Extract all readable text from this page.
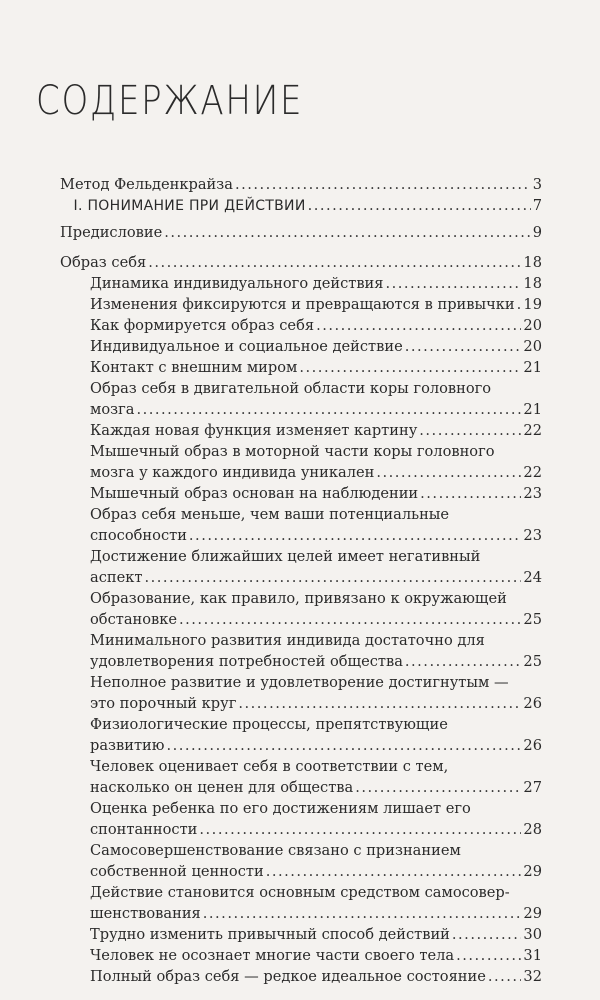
СОДЕРЖАНИЕ
Метод Фельденкрайза .....	3
I. ПОНИМАНИЕ ПРИ ДЕЙСТВИИ .....	7
Предисловие .....	9
Образ себя .....	18
Динамика индивидуального действия .....	18
Изменения фиксируются и превращаются в привычки ..... 19
Как формируется образ себя .....	20
Индивидуальное и социальное действие .....	20
Контакт с внешним миром .....	21
Образ себя в двигательной области коры головного
мозга .....	21
Каждая новая функция изменяет картину .....	22
Мышечный образ в моторной части коры головного
мозга у каждого индивида уникален .....	22
Мышечный образ основан на наблюдении .....	23
Образ себя меньше, чем ваши потенциальные
способности .....	23
Достижение ближайших целей имеет негативный
аспект .....	24
Образование, как правило, привязано к окружающей
обстановке .....	25
Минимального развития индивида достаточно для
удовлетворения потребностей общества .....	25
Неполное развитие и удовлетворение достигнутым —
это порочный круг .....	26
Физиологические процессы, препятствующие
развитию .....	26
Человек оценивает себя в соответствии с тем,
насколько он ценен для общества .....	27
Оценка ребенка по его достижениям лишает его
спонтанности .....	28
Самосовершенствование связано с признанием
собственной ценности .....	29
Действие становится основным средством самосовер-
шенствования .....	29
Трудно изменить привычный способ действий .....	30
Человек не осознает многие части своего тела .....	31
Полный образ себя — редкое идеальное состояние .....	32
